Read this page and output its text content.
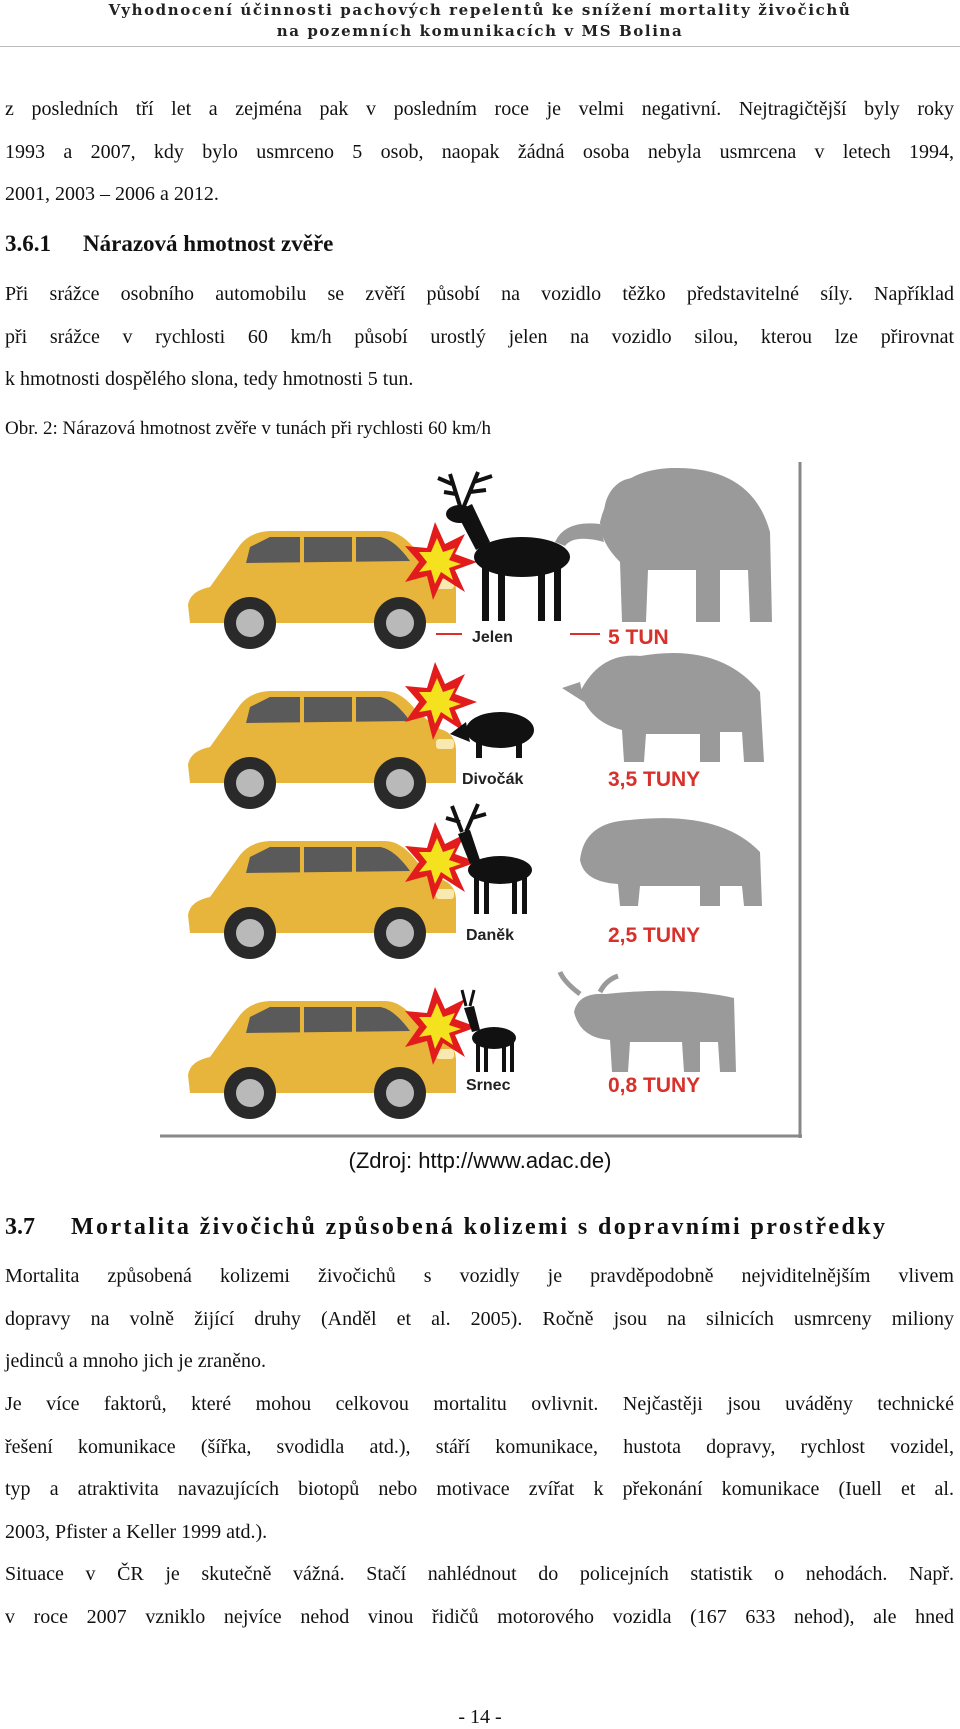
Vyhodnocení účinnosti pachových repelentů ke snížení mortality živočichů
na pozemních komunikacích v MS Bolina

z posledních tří let a zejména pak v posledním roce je velmi negativní. Nejtragičtější byly roky

1993 a 2007, kdy bylo usmrceno 5 osob, naopak žádná osoba nebyla usmrcena v letech 1994,

2001, 2003 – 2006 a 2012.

3.6.1 Nárazová hmotnost zvěře

Při srážce osobního automobilu se zvěří působí na vozidlo těžko představitelné síly. Například

při srážce v rychlosti 60 km/h působí urostlý jelen na vozidlo silou, kterou lze přirovnat

k hmotnosti dospělého slona, tedy hmotnosti 5 tun.

Obr. 2: Nárazová hmotnost zvěře v tunách při rychlosti 60 km/h
Jelen	5 TUN
Divočák	3,5 TUNY
Daněk	2,5 TUNY
Srnec	0,8 TUNY
(Zdroj: http://www.adac.de)
3.7 Mortalita živočichů způsobená kolizemi s dopravními prostředky

Mortalita způsobená kolizemi živočichů s vozidly je pravděpodobně nejviditelnějším vlivem

dopravy na volně žijící druhy (Anděl et al. 2005). Ročně jsou na silnicích usmrceny miliony

jedinců a mnoho jich je zraněno.

Je více faktorů, které mohou celkovou mortalitu ovlivnit. Nejčastěji jsou uváděny technické

řešení komunikace (šířka, svodidla atd.), stáří komunikace, hustota dopravy, rychlost vozidel,

typ a atraktivita navazujících biotopů nebo motivace zvířat k překonání komunikace (Iuell et al.

2003, Pfister a Keller 1999 atd.).

Situace v ČR je skutečně vážná. Stačí nahlédnout do policejních statistik o nehodách. Např.

v roce 2007 vzniklo nejvíce nehod vinou řidičů motorového vozidla (167 633 nehod), ale hned

- 14 -
